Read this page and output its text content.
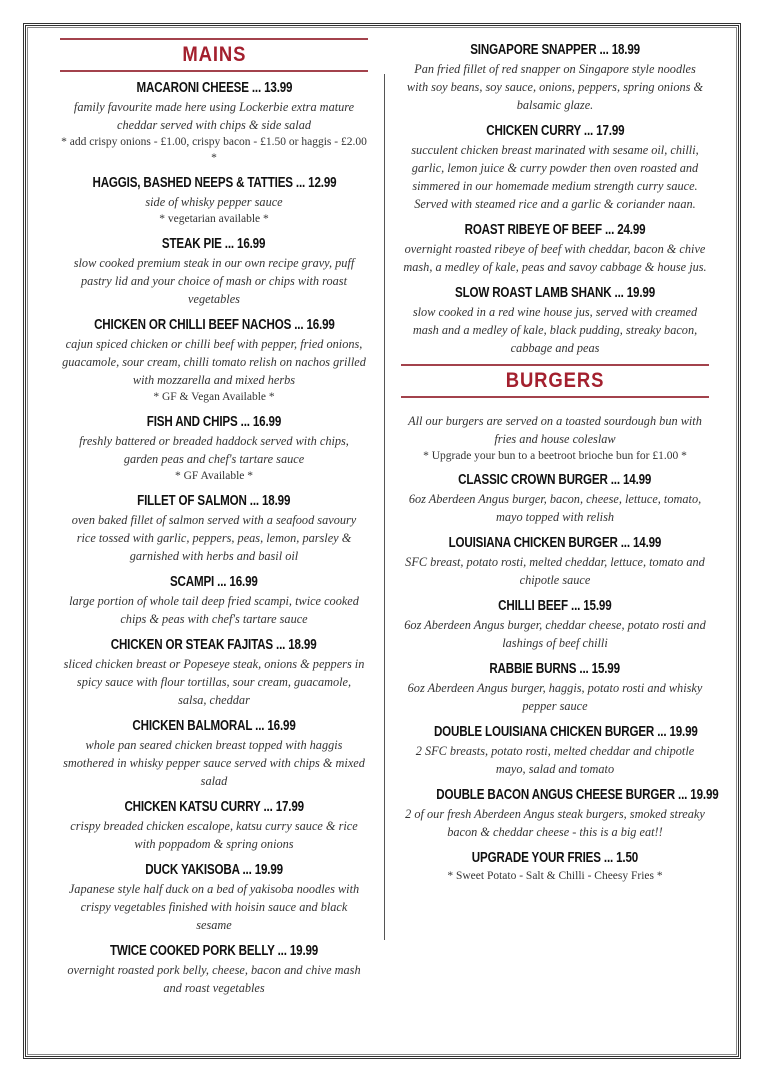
MAINS
MACARONI CHEESE ... 13.99
family favourite made here using Lockerbie extra mature cheddar served with chips & side salad
* add crispy onions - £1.00, crispy bacon - £1.50 or haggis - £2.00 *
HAGGIS, BASHED NEEPS & TATTIES ... 12.99
side of whisky pepper sauce
* vegetarian available *
STEAK PIE ... 16.99
slow cooked premium steak in our own recipe gravy, puff pastry lid and your choice of mash or chips with roast vegetables
CHICKEN OR CHILLI BEEF NACHOS ... 16.99
cajun spiced chicken or chilli beef with pepper, fried onions, guacamole, sour cream, chilli tomato relish on nachos grilled with mozzarella and mixed herbs
* GF & Vegan Available *
FISH AND CHIPS ... 16.99
freshly battered or breaded haddock served with chips, garden peas and chef's tartare sauce
* GF Available *
FILLET OF SALMON ... 18.99
oven baked fillet of salmon served with a seafood savoury rice tossed with garlic, peppers, peas, lemon, parsley & garnished with herbs and basil oil
SCAMPI ... 16.99
large portion of whole tail deep fried scampi, twice cooked chips & peas with chef's tartare sauce
CHICKEN OR STEAK FAJITAS ... 18.99
sliced chicken breast or Popeseye steak, onions & peppers in spicy sauce with flour tortillas, sour cream, guacamole, salsa, cheddar
CHICKEN BALMORAL ... 16.99
whole pan seared chicken breast topped with haggis smothered in whisky pepper sauce served with chips & mixed salad
CHICKEN KATSU CURRY ... 17.99
crispy breaded chicken escalope, katsu curry sauce & rice with poppadom & spring onions
DUCK YAKISOBA ... 19.99
Japanese style half duck on a bed of yakisoba noodles with crispy vegetables finished with hoisin sauce and black sesame
TWICE COOKED PORK BELLY ... 19.99
overnight roasted pork belly, cheese, bacon and chive mash and roast vegetables
SINGAPORE SNAPPER ... 18.99
Pan fried fillet of red snapper on Singapore style noodles with soy beans, soy sauce, onions, peppers, spring onions & balsamic glaze.
CHICKEN CURRY ... 17.99
succulent chicken breast marinated with sesame oil, chilli, garlic, lemon juice & curry powder then oven roasted and simmered in our homemade medium strength curry sauce. Served with steamed rice and a garlic & coriander naan.
ROAST RIBEYE OF BEEF ... 24.99
overnight roasted ribeye of beef with cheddar, bacon & chive mash, a medley of kale, peas and savoy cabbage & house jus.
SLOW ROAST LAMB SHANK ... 19.99
slow cooked in a red wine house jus, served with creamed mash and a medley of kale, black pudding, streaky bacon, cabbage and peas
BURGERS
All our burgers are served on a toasted sourdough bun with fries and house coleslaw
* Upgrade your bun to a beetroot brioche bun for £1.00 *
CLASSIC CROWN BURGER ... 14.99
6oz Aberdeen Angus burger, bacon, cheese, lettuce, tomato, mayo topped with relish
LOUISIANA CHICKEN BURGER ... 14.99
SFC breast, potato rosti, melted cheddar, lettuce, tomato and chipotle sauce
CHILLI BEEF ... 15.99
6oz Aberdeen Angus burger, cheddar cheese, potato rosti and lashings of beef chilli
RABBIE BURNS ... 15.99
6oz Aberdeen Angus burger, haggis, potato rosti and whisky pepper sauce
DOUBLE LOUISIANA CHICKEN BURGER ... 19.99
2 SFC breasts, potato rosti, melted cheddar and chipotle mayo, salad and tomato
DOUBLE BACON ANGUS CHEESE BURGER ... 19.99
2 of our fresh Aberdeen Angus steak burgers, smoked streaky bacon & cheddar cheese - this is a big eat!!
UPGRADE YOUR FRIES ... 1.50
* Sweet Potato - Salt & Chilli - Cheesy Fries *
